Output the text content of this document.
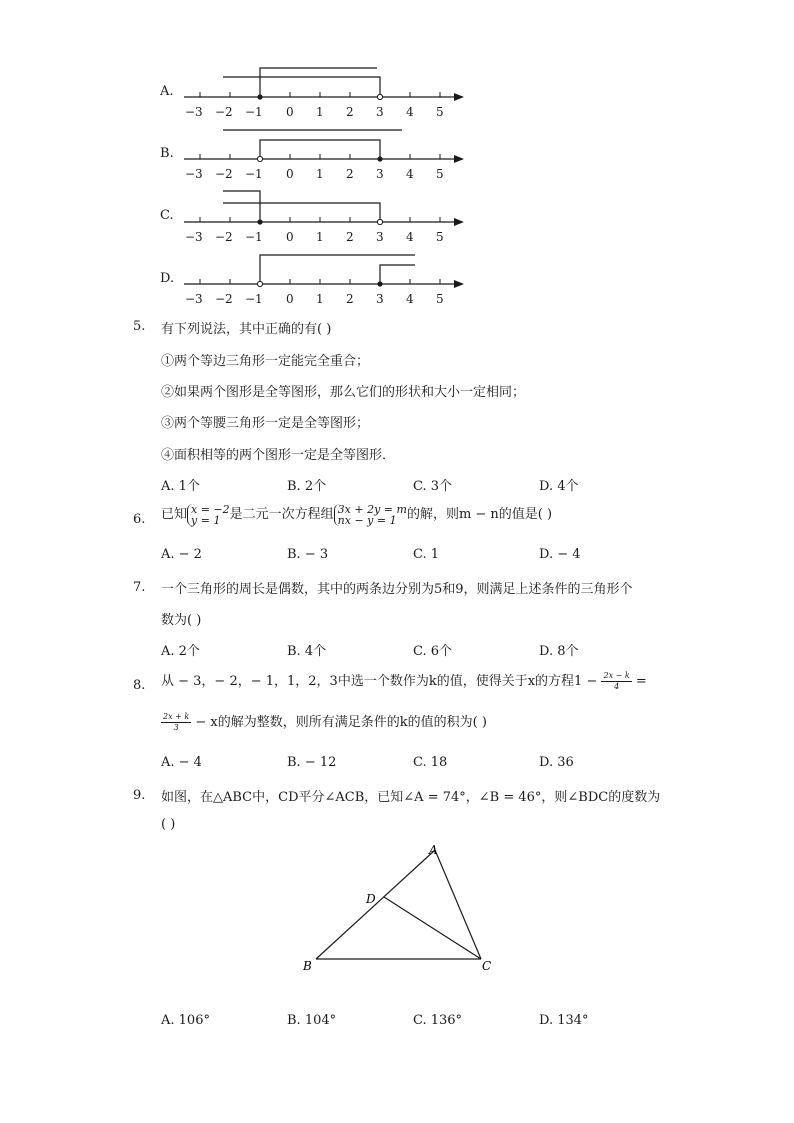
A.
−3 −2 −1 0 1 2 3 4 5
B.
−3 −2 −1 0 1 2 3 4 5
C.
−3 −2 −1 0 1 2 3 4 5
D.
−3 −2 −1 0 1 2 3 4 5
5. 有下列说法，其中正确的有( )
①两个等边三角形一定能完全重合；
②如果两个图形是全等图形，那么它们的形状和大小一定相同；
③两个等腰三角形一定是全等图形；
④面积相等的两个图形一定是全等图形．
A. 1个	B. 2个	C. 3个	D. 4个
6. 已知 x = −2
y = 1 是二元一次方程组 3x + 2y = m
nx − y = 1 的解，则m − n的值是( )
A. − 2	B. − 3	C. 1	D. − 4
7. 一个三角形的周长是偶数，其中的两条边分别为5和9，则满足上述条件的三角形个
数为( )
A. 2个	B. 4个	C. 6个	D. 8个
8. 从 − 3，− 2，− 1，1，2，3中选一个数作为k的值，使得关于x的方程$1 - \frac{2x - k}{4}$ =
$\frac{2x + k}{3} - x$的解为整数，则所有满足条件的k的值的积为( )
A. − 4	B. − 12	C. 18	D. 36
9. 如图，在△ABC中，CD平分∠ACB，已知∠A = 74°，∠B = 46°，则∠BDC的度数为
( )
A
B	C
D
A. 106°	B. 104°	C. 136°	D. 134°
